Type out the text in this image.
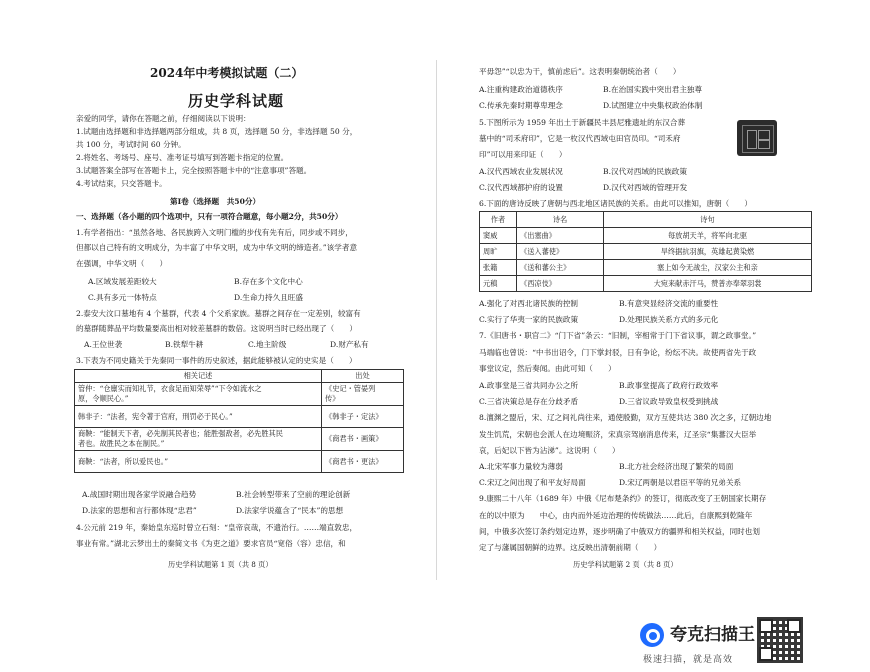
2024年中考模拟试题（二）
历史学科试题
亲爱的同学，请你在答题之前，仔细阅读以下说明：
1.试题由选择题和非选择题两部分组成，共 8 页，选择题 50 分，非选择题 50 分，
共 100 分，考试时间 60 分钟。
2.将姓名、考场号、座号、准考证号填写到答题卡指定的位置。
3.试题答案全部写在答题卡上，完全按照答题卡中的“注意事项”答题。
4.考试结束，只交答题卡。
第Ⅰ卷（选择题　共50分）
一、选择题（各小题的四个选项中，只有一项符合题意，每小题2分，共50分）
1.有学者指出：“虽然各地、各民族跨入文明门槛的步伐有先有后，同步或不同步，
但都以自己特有的文明成分，为丰富了中华文明，成为中华文明的缔造者。”该学者意
在强调，中华文明（　　）
A.区域发展差距较大	B.存在多个文化中心
C.具有多元一体特点	D.生命力持久且旺盛
2.泰安大汶口墓地有 4 个墓群，代表 4 个父系家族。墓群之间存在一定差别，较富有
的墓群随葬品平均数量要高出相对较差墓群的数倍。这说明当时已经出现了（　　）
A.王位世袭	B.铁犁牛耕	C.地主阶级	D.财产私有
3.下表为不同史籍关于先秦同一事件的历史叙述，据此能够被认定的史实是（　　）
相关记述	出处
管仲：“仓廪实而知礼节，衣食足而知荣辱”“下令如流水之
原，令顺民心。”	《史记・管晏列
传》
韩非子：“法者，宪令著于官府，刑罚必于民心。”	《韩非子・定法》
商鞅：“能制天下者，必先制其民者也；能胜强敌者，必先胜其民
者也。故胜民之本在制民。”	《商君书・画策》
商鞅：“法者，所以爱民也。”	《商君书・更法》
A.战国时期出现各家学说融合趋势	B.社会转型带来了空前的理论创新
D.法家的思想和言行都体现“忠君”	D.法家学说蕴含了“民本”的思想
4.公元前 219 年，秦始皇东巡时曾立石刻：“皇帝哀哉，不遗治行。……端直敦忠，
事业有常。”湖北云梦出土的秦简文书《为吏之道》要求官员“宽俗（容）忠信，和
历史学科试题第 1 页（共 8 页）
平毋怨”“以忠为干，慎前虑后”。这表明秦朝统治者（　　）
A.注重构建政治道德秩序	B.在治国实践中突出君主独尊
C.传承先秦时期尊卑理念	D.试图建立中央集权政治体制
5.下图所示为 1959 年出土于新疆民丰县尼雅遗址的东汉合葬
墓中的“司禾府印”，它是一枚汉代西域屯田官员印。“司禾府
印”可以用来印证（　　）
A.汉代西域农业发展状况	B.汉代对西域的民族政策
C.汉代西域都护府的设置	D.汉代对西域的管理开发
6.下面的唐诗反映了唐朝与西北地区诸民族的关系。由此可以推知，唐朝（　　）
作者	诗名	诗句
窦威	《出塞曲》	每放胡天羊，将军向北驱
周旷	《送入蕃使》	旱终据抗羽旗，英雄起黄染燃
张籍	《送和蕃公主》	塞上如今无战尘，汉家公主和亲
元稹	《西凉伎》	大宛来献赤汗马，赞普亦奉翠羽裳
A.强化了对西北诸民族的控制	B.有意突显经济交流的重要性
C.实行了华夷一家的民族政策	D.处理民族关系方式的多元化
7.《旧唐书・职官二》“门下省”条云：“旧制，宰相常于门下省议事，谓之政事堂。”
马端临也曾说：“中书出诏令，门下掌封驳，日有争论，纷纭不决。故使两省先于政
事堂议定，然后奏闻。由此可知（　　）
A.政事堂是三省共同办公之所	B.政事堂提高了政府行政效率
C.三省决策总是存在分歧矛盾	D.三省议政导致皇权受到挑战
8.澶渊之盟后，宋、辽之间礼尚往来，通使殷勤，双方互使共达 380 次之多，辽朝边地
发生饥荒，宋朝也会派人在边境赈济，宋真宗驾崩消息传来，辽圣宗“集蕃汉大臣举
哀，后妃以下皆为沾涕”。这说明（　　）
A.北宋军事力量较为薄弱	B.北方社会经济出现了繁荣的局面
C.宋辽之间出现了和平友好局面	D.宋辽两朝是以君臣平等的兄弟关系
9.康熙二十八年（1689 年）中俄《尼布楚条约》的签订，彻底改变了王朝国家长期存
在的以中原为　　中心，由内而外延边治理的传统做法……此后，自康熙到乾隆年
间，中俄多次签订条约划定边界，逐步明确了中俄双方的疆界和相关权益，同时也划
定了与藩属国朝鲜的边界。这反映出清朝前期（　　）
历史学科试题第 2 页（共 8 页）
夸克扫描王
极速扫描，就是高效
